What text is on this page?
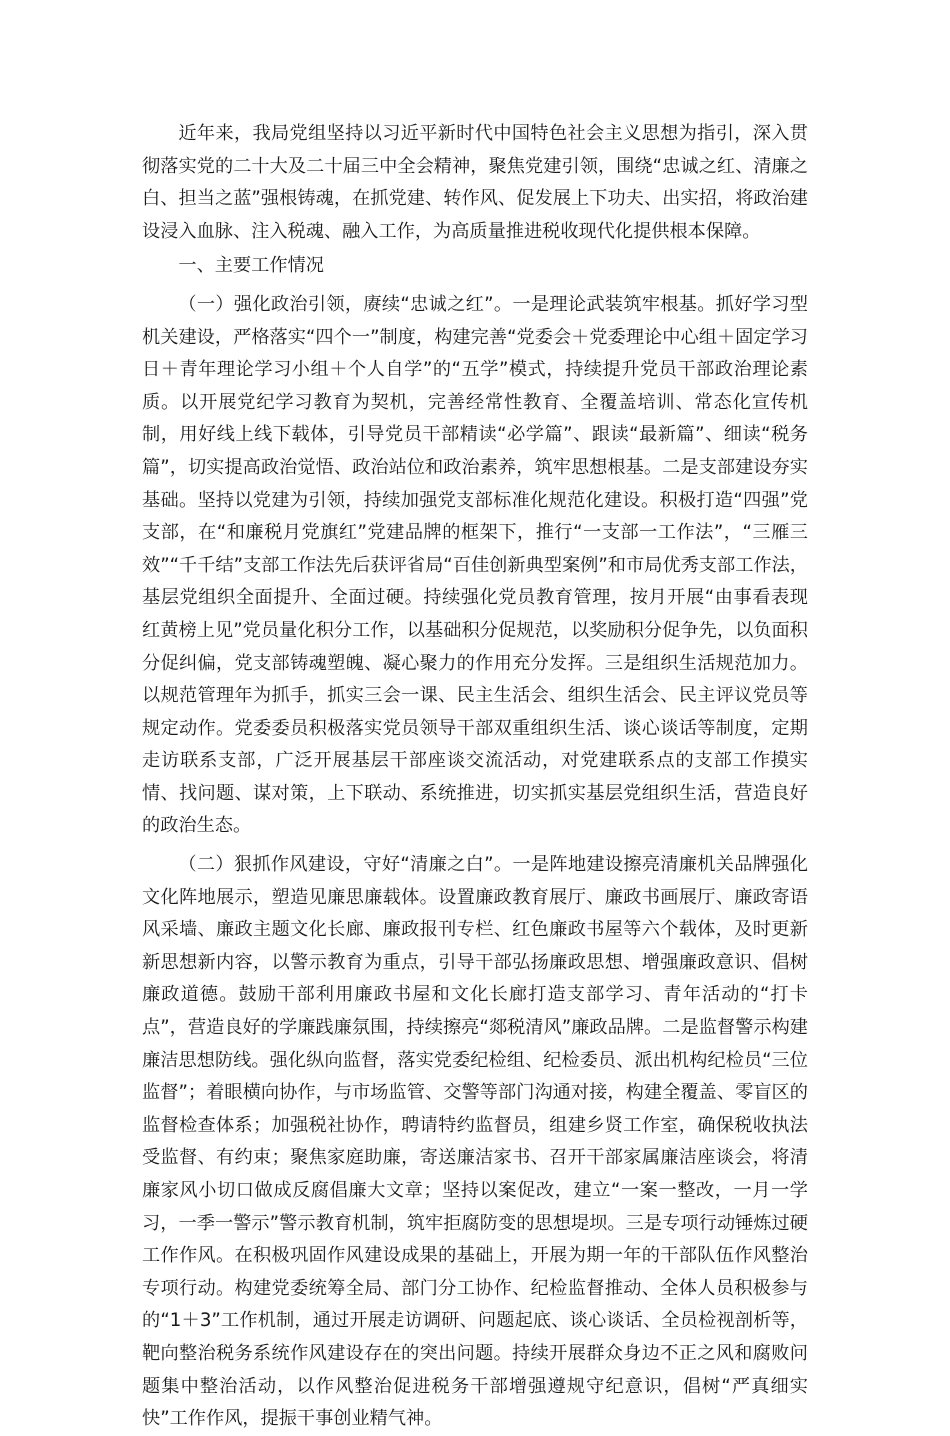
近年来，我局党组坚持以习近平新时代中国特色社会主义思想为指引，深入贯彻落实党的二十大及二十届三中全会精神，聚焦党建引领，围绕“忠诚之红、清廉之白、担当之蓝”强根铸魂，在抓党建、转作风、促发展上下功夫、出实招，将政治建设浸入血脉、注入税魂、融入工作，为高质量推进税收现代化提供根本保障。

一、主要工作情况

（一）强化政治引领，赓续“忠诚之红”。一是理论武装筑牢根基。抓好学习型机关建设，严格落实“四个一”制度，构建完善“党委会＋党委理论中心组＋固定学习日＋青年理论学习小组＋个人自学”的“五学”模式，持续提升党员干部政治理论素质。以开展党纪学习教育为契机，完善经常性教育、全覆盖培训、常态化宣传机制，用好线上线下载体，引导党员干部精读“必学篇”、跟读“最新篇”、细读“税务篇”，切实提高政治觉悟、政治站位和政治素养，筑牢思想根基。二是支部建设夯实基础。坚持以党建为引领，持续加强党支部标准化规范化建设。积极打造“四强”党支部，在“和廉税月党旗红”党建品牌的框架下，推行“一支部一工作法”，“三雁三效”“千千结”支部工作法先后获评省局“百佳创新典型案例”和市局优秀支部工作法，基层党组织全面提升、全面过硬。持续强化党员教育管理，按月开展“由事看表现 红黄榜上见”党员量化积分工作，以基础积分促规范，以奖励积分促争先，以负面积分促纠偏，党支部铸魂塑魄、凝心聚力的作用充分发挥。三是组织生活规范加力。以规范管理年为抓手，抓实三会一课、民主生活会、组织生活会、民主评议党员等规定动作。党委委员积极落实党员领导干部双重组织生活、谈心谈话等制度，定期走访联系支部，广泛开展基层干部座谈交流活动，对党建联系点的支部工作摸实情、找问题、谋对策，上下联动、系统推进，切实抓实基层党组织生活，营造良好的政治生态。

（二）狠抓作风建设，守好“清廉之白”。一是阵地建设擦亮清廉机关品牌强化文化阵地展示，塑造见廉思廉载体。设置廉政教育展厅、廉政书画展厅、廉政寄语风采墙、廉政主题文化长廊、廉政报刊专栏、红色廉政书屋等六个载体，及时更新新思想新内容，以警示教育为重点，引导干部弘扬廉政思想、增强廉政意识、倡树廉政道德。鼓励干部利用廉政书屋和文化长廊打造支部学习、青年活动的“打卡点”，营造良好的学廉践廉氛围，持续擦亮“郯税清风”廉政品牌。二是监督警示构建廉洁思想防线。强化纵向监督，落实党委纪检组、纪检委员、派出机构纪检员“三位监督”；着眼横向协作，与市场监管、交警等部门沟通对接，构建全覆盖、零盲区的监督检查体系；加强税社协作，聘请特约监督员，组建乡贤工作室，确保税收执法受监督、有约束；聚焦家庭助廉，寄送廉洁家书、召开干部家属廉洁座谈会，将清廉家风小切口做成反腐倡廉大文章；坚持以案促改，建立“一案一整改，一月一学习，一季一警示”警示教育机制，筑牢拒腐防变的思想堤坝。三是专项行动锤炼过硬工作作风。在积极巩固作风建设成果的基础上，开展为期一年的干部队伍作风整治专项行动。构建党委统筹全局、部门分工协作、纪检监督推动、全体人员积极参与的“1＋3”工作机制，通过开展走访调研、问题起底、谈心谈话、全员检视剖析等，靶向整治税务系统作风建设存在的突出问题。持续开展群众身边不正之风和腐败问题集中整治活动，以作风整治促进税务干部增强遵规守纪意识，倡树“严真细实快”工作作风，提振干事创业精气神。
